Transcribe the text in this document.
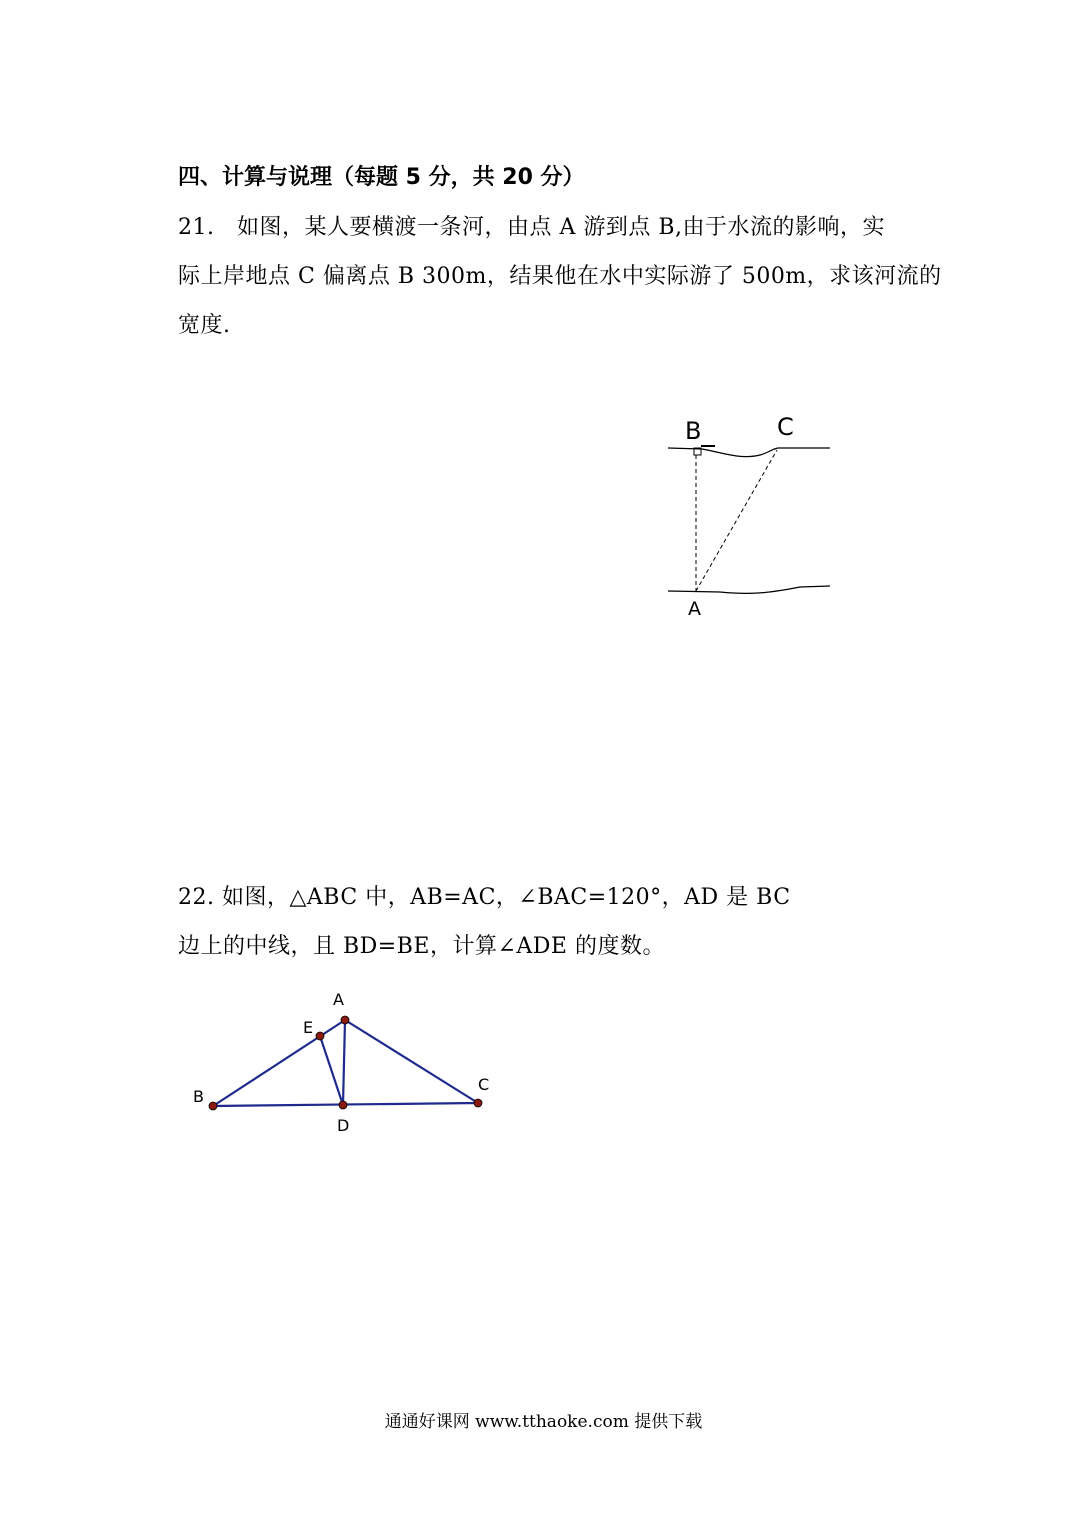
四、计算与说理（每题 5 分，共 20 分）
21.　如图，某人要横渡一条河，由点 A 游到点 B,由于水流的影响，实
际上岸地点 C 偏离点 B 300m，结果他在水中实际游了 500m，求该河流的
宽度.
B	C
A
22. 如图，△ABC 中，AB=AC，∠BAC=120°，AD 是 BC
边上的中线，且 BD=BE，计算∠ADE 的度数。
A
B
C
D
E
通通好课网 www.tthaoke.com 提供下载
